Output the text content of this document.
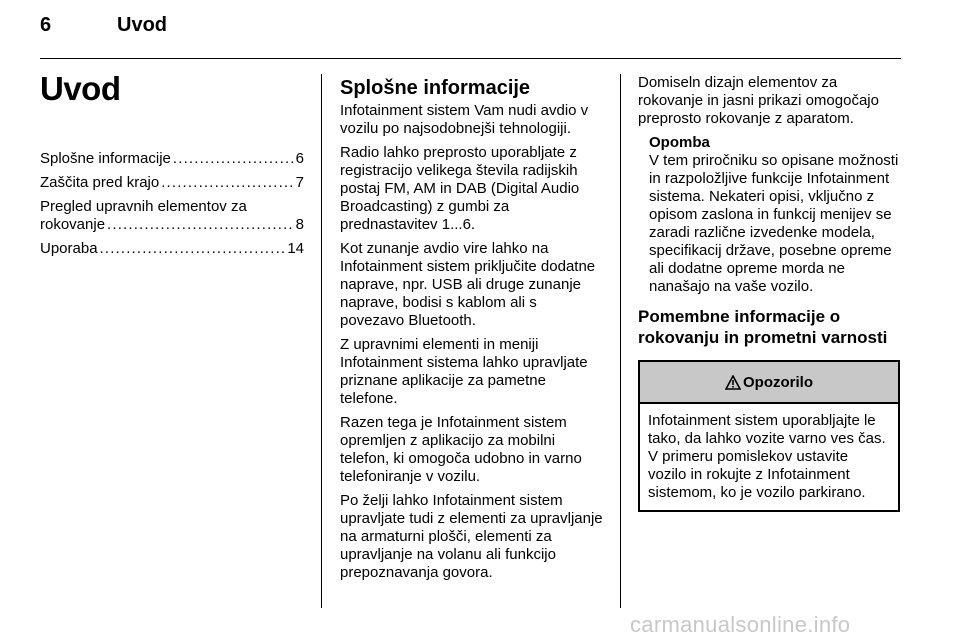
6	Uvod
Uvod
Splošne informacije . . .	6
Zaščita pred krajo . . .	7
Pregled upravnih elementov za
rokovanje . . .	8
Uporaba . . .	14
Splošne informacije

Infotainment sistem Vam nudi avdio v vozilu po najsodobnejši tehnologiji.

Radio lahko preprosto uporabljate z registracijo velikega števila radijskih postaj FM, AM in DAB (Digital Audio Broadcasting) z gumbi za prednastavitev 1...6.

Kot zunanje avdio vire lahko na Infotainment sistem priključite dodatne naprave, npr. USB ali druge zunanje naprave, bodisi s kablom ali s povezavo Bluetooth.

Z upravnimi elementi in meniji Infotainment sistema lahko upravljate priznane aplikacije za pametne telefone.

Razen tega je Infotainment sistem opremljen z aplikacijo za mobilni telefon, ki omogoča udobno in varno telefoniranje v vozilu.

Po želji lahko Infotainment sistem upravljate tudi z elementi za upravljanje na armaturni plošči, elementi za upravljanje na volanu ali funkcijo prepoznavanja govora.

Domiseln dizajn elementov za rokovanje in jasni prikazi omogočajo preprosto rokovanje z aparatom.

Opomba

V tem priročniku so opisane možnosti in razpoložljive funkcije Infotainment sistema. Nekateri opisi, vključno z opisom zaslona in funkcij menijev se zaradi različne izvedenke modela, specifikacij države, posebne opreme ali dodatne opreme morda ne nanašajo na vaše vozilo.

Pomembne informacije o rokovanju in prometni varnosti
Opozorilo

Infotainment sistem uporabljajte le tako, da lahko vozite varno ves čas. V primeru pomislekov ustavite vozilo in rokujte z Infotainment sistemom, ko je vozilo parkirano.

carmanualsonline.info
